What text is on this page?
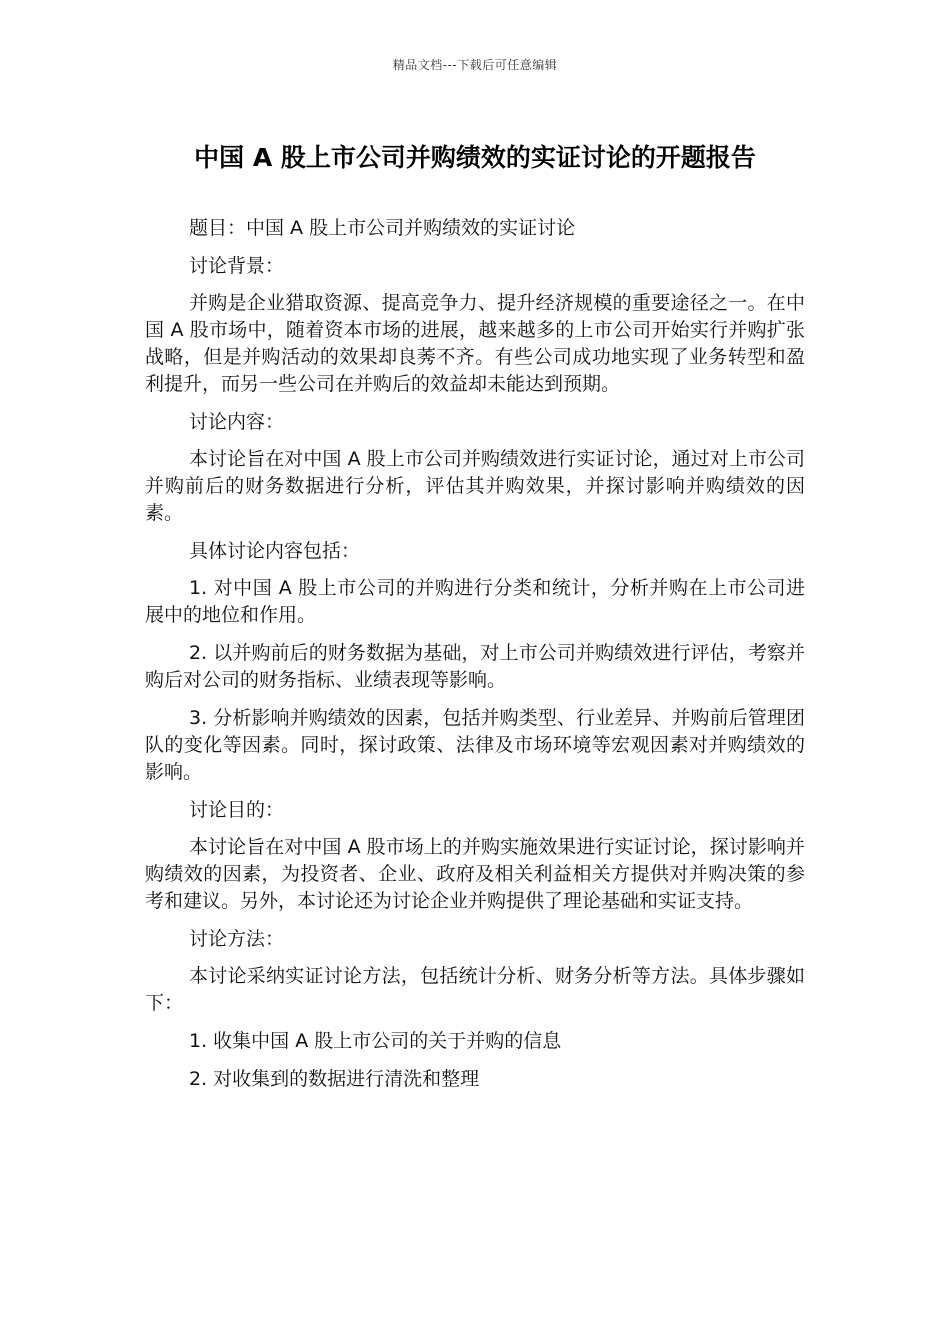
精品文档---下载后可任意编辑
中国 A 股上市公司并购绩效的实证讨论的开题报告

题目：中国 A 股上市公司并购绩效的实证讨论

讨论背景：

并购是企业猎取资源、提高竞争力、提升经济规模的重要途径之一。在中国 A 股市场中，随着资本市场的进展，越来越多的上市公司开始实行并购扩张战略，但是并购活动的效果却良莠不齐。有些公司成功地实现了业务转型和盈利提升，而另一些公司在并购后的效益却未能达到预期。

讨论内容：

本讨论旨在对中国 A 股上市公司并购绩效进行实证讨论，通过对上市公司并购前后的财务数据进行分析，评估其并购效果，并探讨影响并购绩效的因素。

具体讨论内容包括：

1. 对中国 A 股上市公司的并购进行分类和统计，分析并购在上市公司进展中的地位和作用。

2. 以并购前后的财务数据为基础，对上市公司并购绩效进行评估，考察并购后对公司的财务指标、业绩表现等影响。

3. 分析影响并购绩效的因素，包括并购类型、行业差异、并购前后管理团队的变化等因素。同时，探讨政策、法律及市场环境等宏观因素对并购绩效的影响。

讨论目的：

本讨论旨在对中国 A 股市场上的并购实施效果进行实证讨论，探讨影响并购绩效的因素，为投资者、企业、政府及相关利益相关方提供对并购决策的参考和建议。另外，本讨论还为讨论企业并购提供了理论基础和实证支持。

讨论方法：

本讨论采纳实证讨论方法，包括统计分析、财务分析等方法。具体步骤如下：

1. 收集中国 A 股上市公司的关于并购的信息

2. 对收集到的数据进行清洗和整理
